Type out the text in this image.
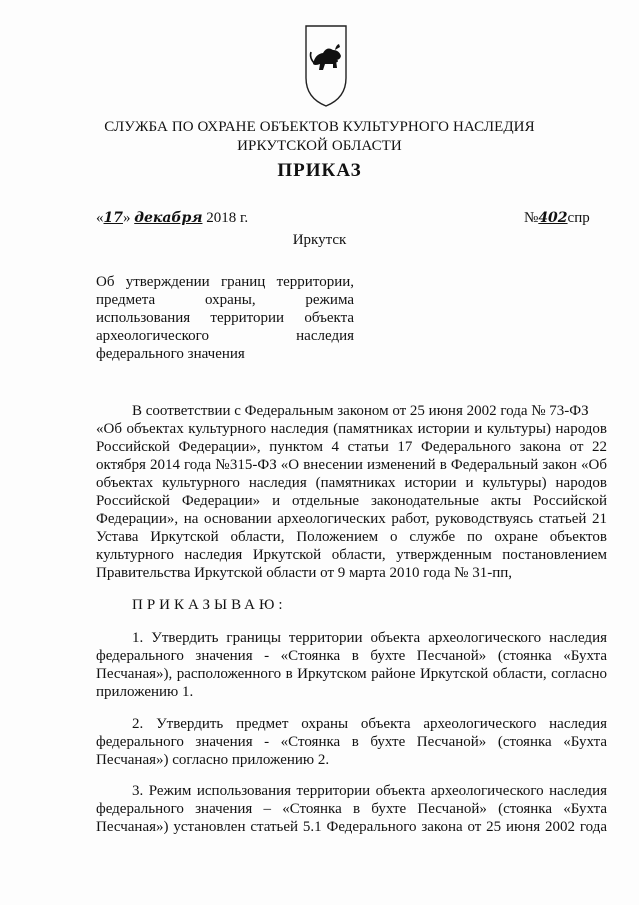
СЛУЖБА ПО ОХРАНЕ ОБЪЕКТОВ КУЛЬТУРНОГО НАСЛЕДИЯ
ИРКУТСКОЙ ОБЛАСТИ
ПРИКАЗ
«17» декабря 2018 г.	№402спр
Иркутск
Об утверждении границ территории,
предмета охраны, режима
использования территории объекта
археологического наследия
федерального значения
В соответствии с Федеральным законом от 25 июня 2002 года № 73-ФЗ
«Об объектах культурного наследия (памятниках истории и культуры) народов
Российской Федерации», пунктом 4 статьи 17 Федерального закона от 22
октября 2014 года №315-ФЗ «О внесении изменений в Федеральный закон «Об
объектах культурного наследия (памятниках истории и культуры) народов
Российской Федерации» и отдельные законодательные акты Российской
Федерации», на основании археологических работ, руководствуясь статьей 21
Устава Иркутской области, Положением о службе по охране объектов
культурного наследия Иркутской области, утвержденным постановлением
Правительства Иркутской области от 9 марта 2010 года № 31-пп,
ПРИКАЗЫВАЮ:
1. Утвердить границы территории объекта археологического наследия
федерального значения - «Стоянка в бухте Песчаной» (стоянка «Бухта
Песчаная»), расположенного в Иркутском районе Иркутской области, согласно
приложению 1.
2. Утвердить предмет охраны объекта археологического наследия
федерального значения - «Стоянка в бухте Песчаной» (стоянка «Бухта
Песчаная») согласно приложению 2.
3. Режим использования территории объекта археологического наследия
федерального значения – «Стоянка в бухте Песчаной» (стоянка «Бухта
Песчаная») установлен статьей 5.1 Федерального закона от 25 июня 2002 года
